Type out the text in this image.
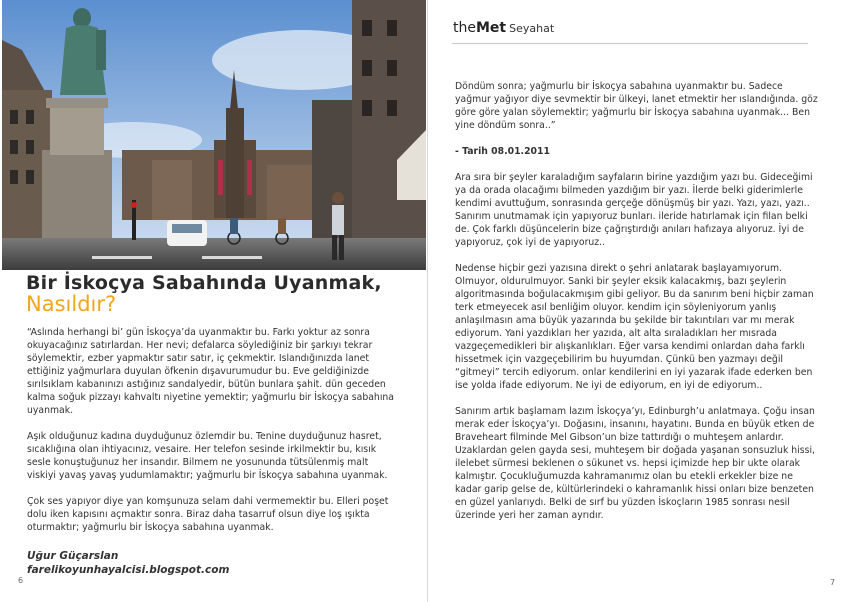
Bir İskoçya Sabahında Uyanmak,
Nasıldır?

“Aslında herhangi bi’ gün İskoçya’da uyanmaktır bu. Farkı yoktur az sonra okuyacağınız satırlardan. Her nevi; defalarca söylediğiniz bir şarkıyı tekrar söylemektir, ezber yapmaktır satır satır, iç çekmektir. Islandığınızda lanet ettiğiniz yağmurlara duyulan öfkenin dışavurumudur bu. Eve geldiğinizde sırılsıklam kabanınızı astığınız sandalyedir, bütün bunlara şahit. dün geceden kalma soğuk pizzayı kahvaltı niyetine yemektir; yağmurlu bir İskoçya sabahına uyanmak.

Aşık olduğunuz kadına duyduğunuz özlemdir bu. Tenine duyduğunuz hasret, sıcaklığına olan ihtiyacınız, vesaire. Her telefon sesinde irkilmektir bu, kısık sesle konuştuğunuz her insandır. Bilmem ne yosununda tütsülenmiş malt viskiyi yavaş yavaş yudumlamaktır; yağmurlu bir İskoçya sabahına uyanmak.

Çok ses yapıyor diye yan komşunuza selam dahi vermemektir bu. Elleri poşet dolu iken kapısını açmaktır sonra. Biraz daha tasarruf olsun diye loş ışıkta oturmaktır; yağmurlu bir İskoçya sabahına uyanmak.

Uğur Güçarslan
farelikoyunhayalcisi.blogspot.com
6
theMet Seyahat

Döndüm sonra; yağmurlu bir İskoçya sabahına uyanmaktır bu. Sadece yağmur yağıyor diye sevmektir bir ülkeyi, lanet etmektir her ıslandığında. göz göre göre yalan söylemektir; yağmurlu bir İskoçya sabahına uyanmak... Ben yine döndüm sonra..”

- Tarih 08.01.2011

Ara sıra bir şeyler karaladığım sayfaların birine yazdığım yazı bu. Gideceğimi ya da orada olacağımı bilmeden yazdığım bir yazı. İlerde belki giderimlerle kendimi avuttuğum, sonrasında gerçeğe dönüşmüş bir yazı. Yazı, yazı, yazı.. Sanırım unutmamak için yapıyoruz bunları. ileride hatırlamak için filan belki de. Çok farklı düşüncelerin bize çağrıştırdığı anıları hafızaya alıyoruz. İyi de yapıyoruz, çok iyi de yapıyoruz..

Nedense hiçbir gezi yazısına direkt o şehri anlatarak başlayamıyorum. Olmuyor, oldurulmuyor. Sanki bir şeyler eksik kalacakmış, bazı şeylerin algoritmasında boğulacakmışım gibi geliyor. Bu da sanırım beni hiçbir zaman terk etmeyecek asıl benliğim oluyor. kendim için söyleniyorum yanlış anlaşılmasın ama büyük yazarında bu şekilde bir takıntıları var mı merak ediyorum. Yani yazdıkları her yazıda, alt alta sıraladıkları her mısrada vazgeçemedikleri bir alışkanlıkları. Eğer varsa kendimi onlardan daha farklı hissetmek için vazgeçebilirim bu huyumdan. Çünkü ben yazmayı değil “gitmeyi” tercih ediyorum. onlar kendilerini en iyi yazarak ifade ederken ben ise yolda ifade ediyorum. Ne iyi de ediyorum, en iyi de ediyorum..

Sanırım artık başlamam lazım İskoçya’yı, Edinburgh’u anlatmaya. Çoğu insan merak eder İskoçya’yı. Doğasını, insanını, hayatını. Bunda en büyük etken de Braveheart filminde Mel Gibson’un bize tattırdığı o muhteşem anlardır. Uzaklardan gelen gayda sesi, muhteşem bir doğada yaşanan sonsuzluk hissi, ilelebet sürmesi beklenen o sükunet vs. hepsi içimizde hep bir ukte olarak kalmıştır. Çocukluğumuzda kahramanımız olan bu etekli erkekler bize ne kadar garip gelse de, kültürlerindeki o kahramanlık hissi onları bize benzeten en güzel yanlarıydı. Belki de sırf bu yüzden İskoçların 1985 sonrası nesil üzerinde yeri her zaman ayrıdır.

7
